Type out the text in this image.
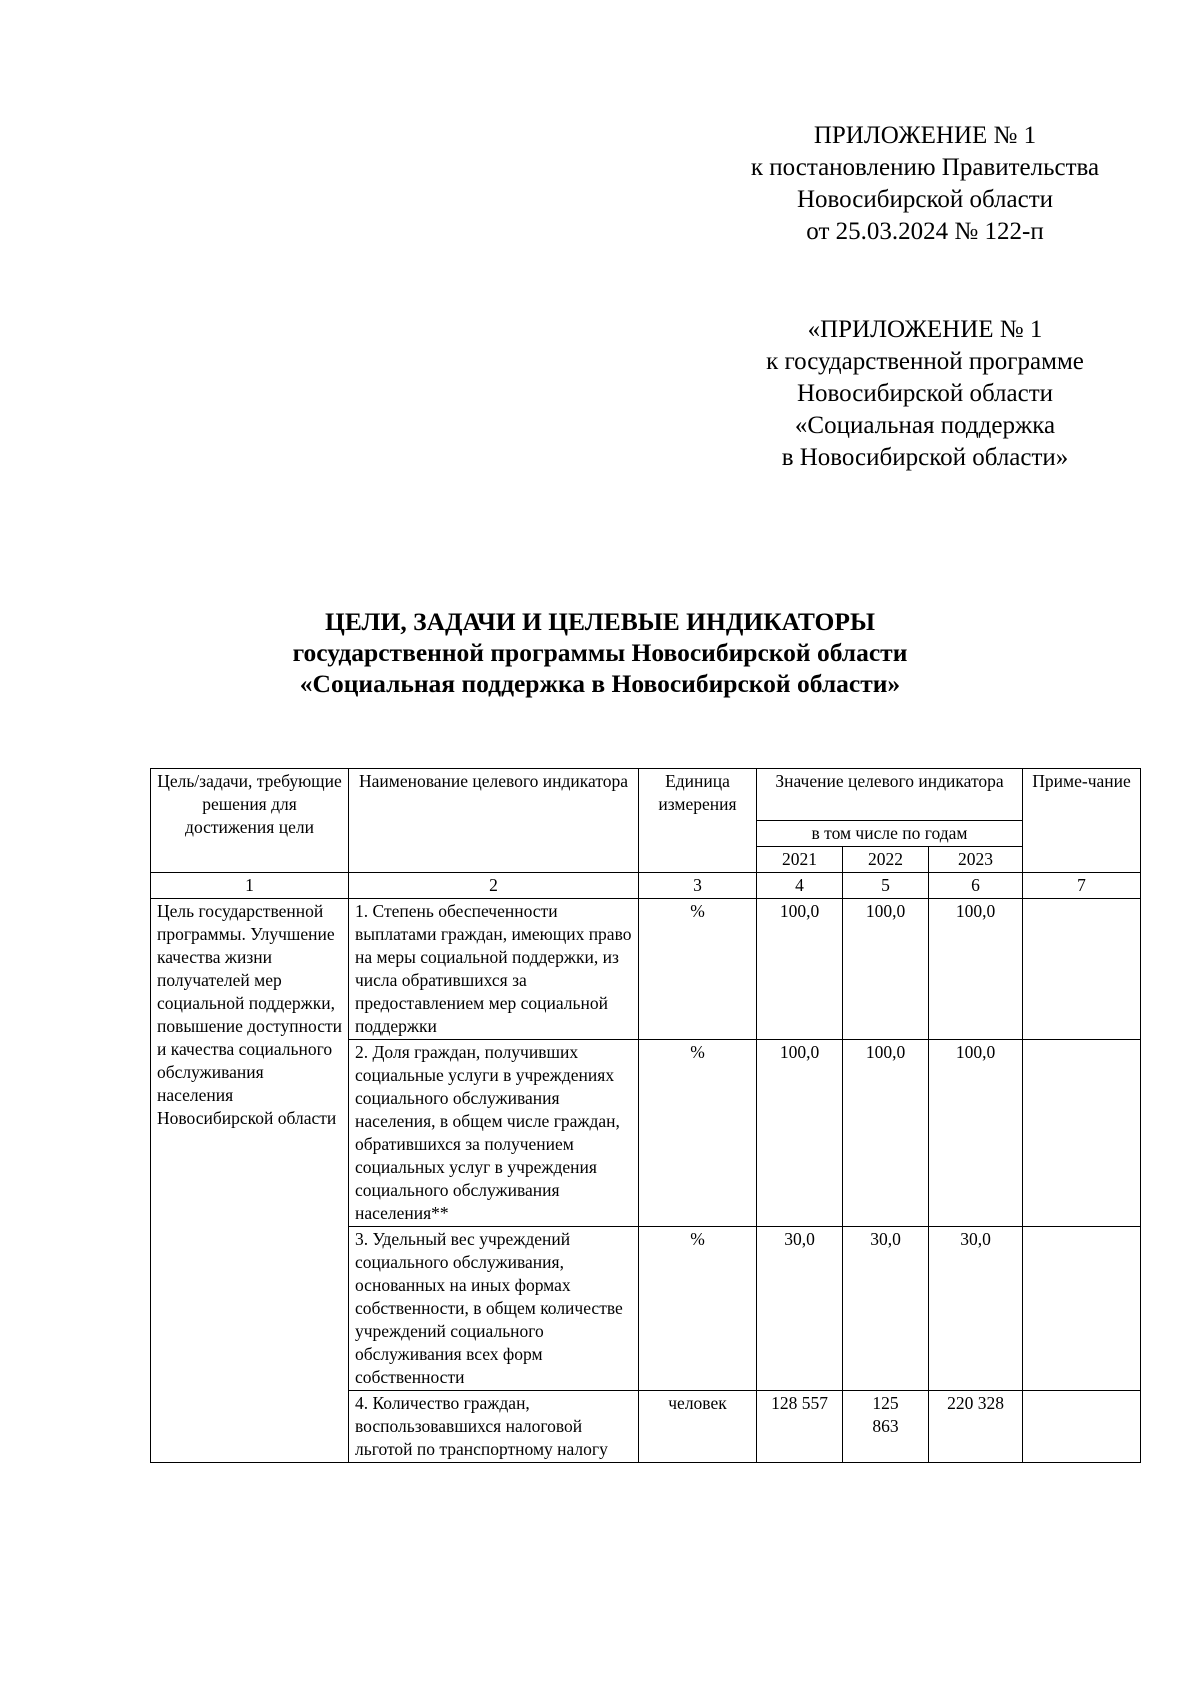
ПРИЛОЖЕНИЕ № 1
к постановлению Правительства
Новосибирской области
от 25.03.2024 № 122-п
«ПРИЛОЖЕНИЕ № 1
к государственной программе
Новосибирской области
«Социальная поддержка
в Новосибирской области»
ЦЕЛИ, ЗАДАЧИ И ЦЕЛЕВЫЕ ИНДИКАТОРЫ
государственной программы Новосибирской области
«Социальная поддержка в Новосибирской области»
Цель/задачи, требующие решения для достижения цели	Наименование целевого индикатора	Единица измерения	Значение целевого индикатора			Приме-чание
			в том числе по годам			
			2021	2022	2023	
1	2	3	4	5	6	7
Цель государственной программы. Улучшение качества жизни получателей мер социальной поддержки, повышение доступности и качества социального обслуживания населения Новосибирской области	1. Степень обеспеченности выплатами граждан, имеющих право на меры социальной поддержки, из числа обратившихся за предоставлением мер социальной поддержки	%	100,0	100,0	100,0	
	2. Доля граждан, получивших социальные услуги в учреждениях социального обслуживания населения, в общем числе граждан, обратившихся за получением социальных услуг в учреждения социального обслуживания населения**	%	100,0	100,0	100,0	
	3. Удельный вес учреждений социального обслуживания, основанных на иных формах собственности, в общем количестве учреждений социального обслуживания всех форм собственности	%	30,0	30,0	30,0	
	4. Количество граждан, воспользовавшихся налоговой льготой по транспортному налогу	человек	128 557	125 863	220 328	
